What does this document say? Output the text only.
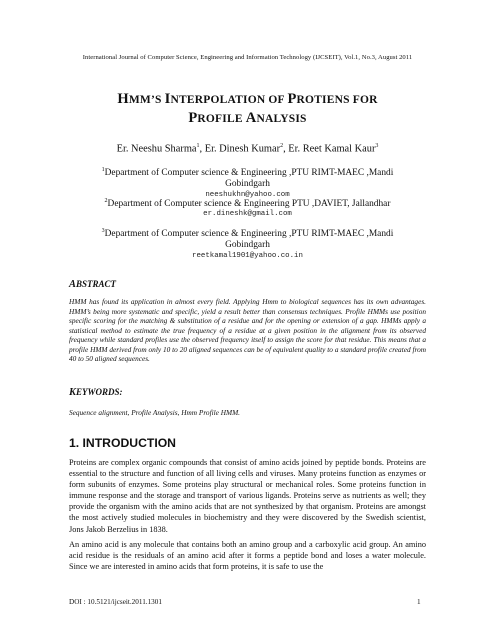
International Journal of Computer Science, Engineering and Information Technology (IJCSEIT), Vol.1, No.3, August 2011
HMM’S INTERPOLATION OF PROTIENS FOR
PROFILE ANALYSIS
Er. Neeshu Sharma$^1$, Er. Dinesh Kumar$^2$, Er. Reet Kamal Kaur$^3$
$^1$Department of Computer science & Engineering ,PTU RIMT-MAEC ,Mandi
Gobindgarh
neeshukhn@yahoo.com
$^2$Department of Computer science & Engineering PTU ,DAVIET, Jallandhar
er.dineshk@gmail.com
$^3$Department of Computer science & Engineering ,PTU RIMT-MAEC ,Mandi
Gobindgarh
reetkamal1901@yahoo.co.in
ABSTRACT
HMM has found its application in almost every field. Applying Hmm to biological sequences has its own advantages. HMM’s being more systematic and specific, yield a result better than consensus techniques. Profile HMMs use position specific scoring for the matching & substitution of a residue and for the opening or extension of a gap. HMMs apply a statistical method to estimate the true frequency of a residue at a given position in the alignment from its observed frequency while standard profiles use the observed frequency itself to assign the score for that residue. This means that a profile HMM derived from only 10 to 20 aligned sequences can be of equivalent quality to a standard profile created from 40 to 50 aligned sequences.
KEYWORDS:
Sequence alignment, Profile Analysis, Hmm Profile HMM.
1. INTRODUCTION
Proteins are complex organic compounds that consist of amino acids joined by peptide bonds. Proteins are essential to the structure and function of all living cells and viruses. Many proteins function as enzymes or form subunits of enzymes. Some proteins play structural or mechanical roles. Some proteins function in immune response and the storage and transport of various ligands. Proteins serve as nutrients as well; they provide the organism with the amino acids that are not synthesized by that organism. Proteins are amongst the most actively studied molecules in biochemistry and they were discovered by the Swedish scientist, Jons Jakob Berzelius in 1838.
An amino acid is any molecule that contains both an amino group and a carboxylic acid group. An amino acid residue is the residuals of an amino acid after it forms a peptide bond and loses a water molecule. Since we are interested in amino acids that form proteins, it is safe to use the
DOI : 10.5121/ijcseit.2011.1301	1
